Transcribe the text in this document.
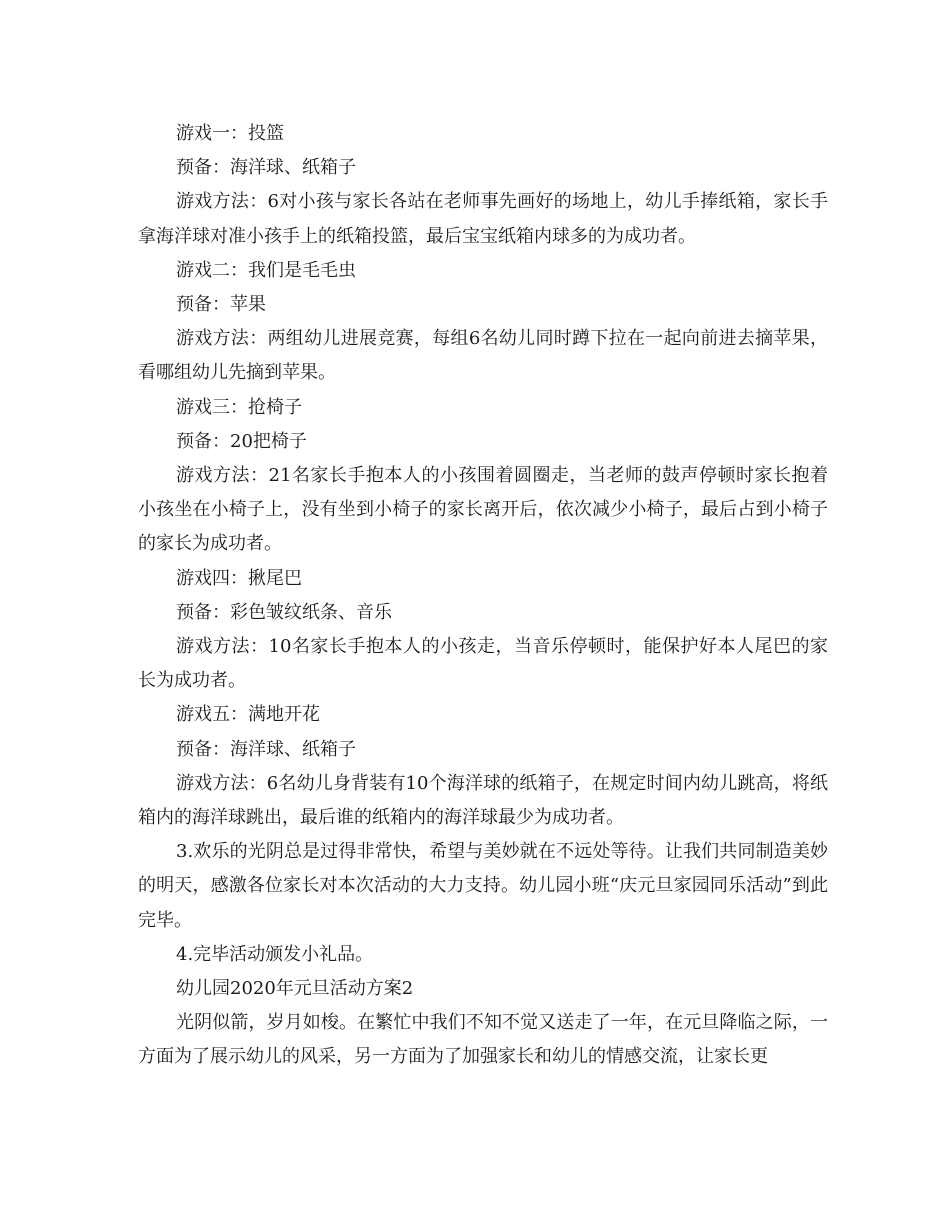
游戏一：投篮

预备：海洋球、纸箱子

游戏方法：6对小孩与家长各站在老师事先画好的场地上，幼儿手捧纸箱，家长手拿海洋球对准小孩手上的纸箱投篮，最后宝宝纸箱内球多的为成功者。

游戏二：我们是毛毛虫

预备：苹果

游戏方法：两组幼儿进展竞赛，每组6名幼儿同时蹲下拉在一起向前进去摘苹果，看哪组幼儿先摘到苹果。

游戏三：抢椅子

预备：20把椅子

游戏方法：21名家长手抱本人的小孩围着圆圈走，当老师的鼓声停顿时家长抱着小孩坐在小椅子上，没有坐到小椅子的家长离开后，依次减少小椅子，最后占到小椅子的家长为成功者。

游戏四：揪尾巴

预备：彩色皱纹纸条、音乐

游戏方法：10名家长手抱本人的小孩走，当音乐停顿时，能保护好本人尾巴的家长为成功者。

游戏五：满地开花

预备：海洋球、纸箱子

游戏方法：6名幼儿身背装有10个海洋球的纸箱子，在规定时间内幼儿跳高，将纸箱内的海洋球跳出，最后谁的纸箱内的海洋球最少为成功者。

3.欢乐的光阴总是过得非常快，希望与美妙就在不远处等待。让我们共同制造美妙的明天，感激各位家长对本次活动的大力支持。幼儿园小班“庆元旦家园同乐活动”到此完毕。

4.完毕活动颁发小礼品。

幼儿园2020年元旦活动方案2

光阴似箭，岁月如梭。在繁忙中我们不知不觉又送走了一年，在元旦降临之际，一方面为了展示幼儿的风采，另一方面为了加强家长和幼儿的情感交流，让家长更
